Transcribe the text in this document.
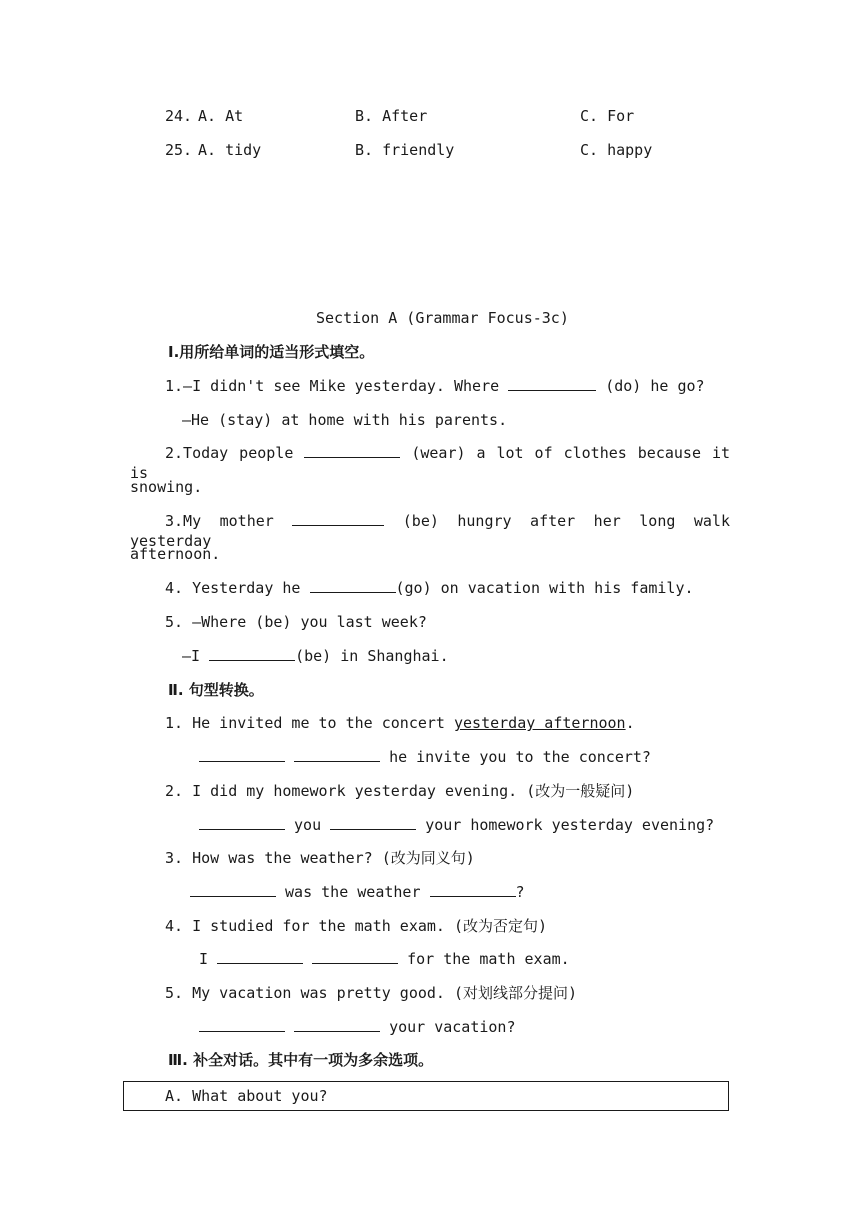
24. A. At	B. After	C. For
25. A. tidy	B. friendly	C. happy
Section A (Grammar Focus-3c)
Ⅰ.用所给单词的适当形式填空。
1.—I didn't see Mike yesterday. Where	(do) he go?
—He (stay) at home with his parents.
2.Today people	(wear) a lot of clothes because it is
snowing.
3.My mother	(be) hungry after her long walk yesterday
afternoon.
4. Yesterday he	(go) on vacation with his family.
5. —Where (be) you last week?
—I	(be) in Shanghai.
Ⅱ. 句型转换。
1. He invited me to the concert yesterday afternoon.
he invite you to the concert?
2. I did my homework yesterday evening. (改为一般疑问)
you	your homework yesterday evening?
3. How was the weather? (改为同义句)
was the weather	?
4. I studied for the math exam. (改为否定句)
I	for the math exam.
5. My vacation was pretty good. (对划线部分提问)
your vacation?
Ⅲ. 补全对话。其中有一项为多余选项。
A. What about you?
